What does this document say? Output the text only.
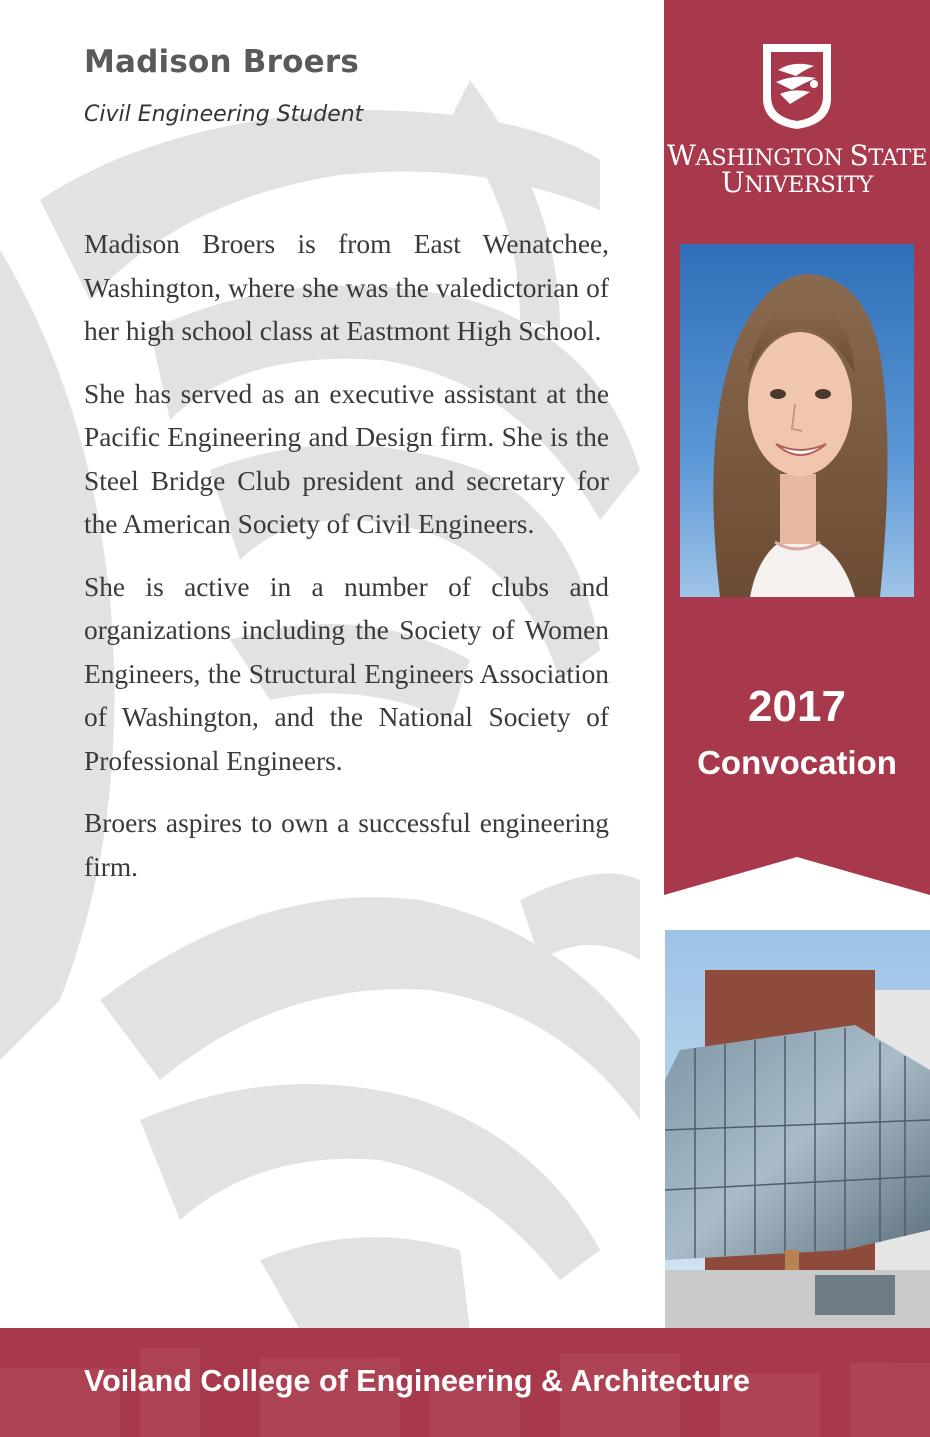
Madison Broers
Civil Engineering Student

Madison Broers is from East Wenatchee, Washington, where she was the valedictorian of her high school class at Eastmont High School.

She has served as an executive assistant at the Pacific Engineering and Design firm. She is the Steel Bridge Club president and secretary for the American Society of Civil Engineers.

She is active in a number of clubs and organizations including the Society of Women Engineers, the Structural Engineers Association of Washington, and the National Society of Professional Engineers.

Broers aspires to own a successful engineering firm.

WASHINGTON STATE
UNIVERSITY
2017
Convocation
Voiland College of Engineering & Architecture
